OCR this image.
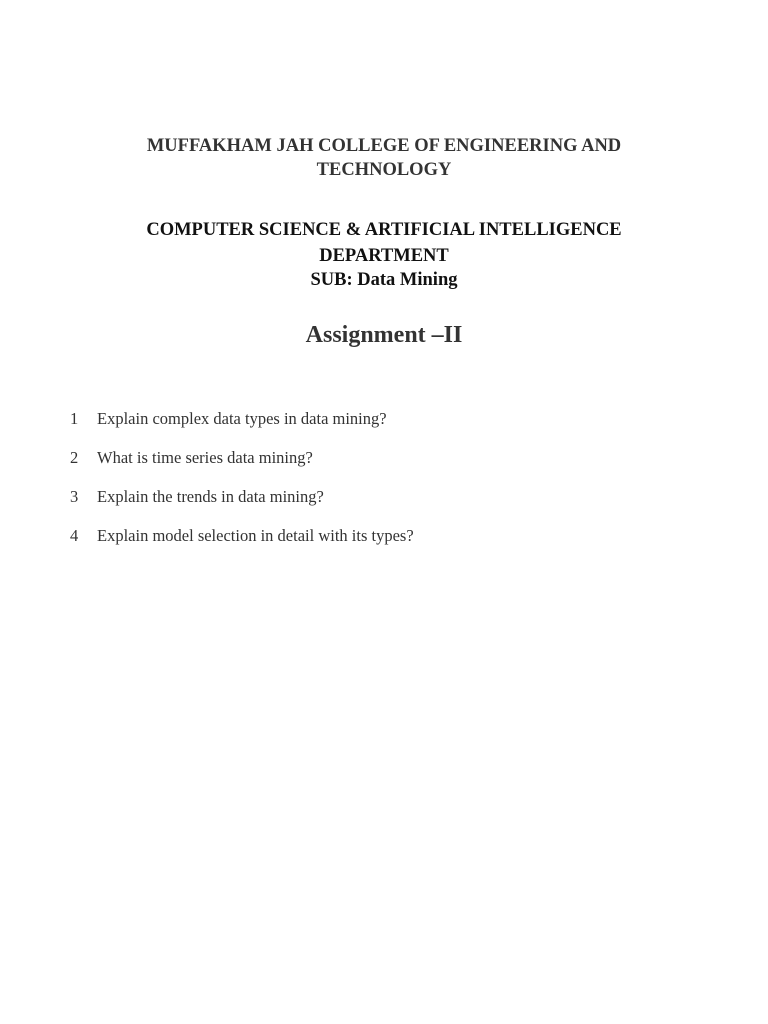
MUFFAKHAM JAH COLLEGE OF ENGINEERING AND
TECHNOLOGY
COMPUTER SCIENCE & ARTIFICIAL INTELLIGENCE
DEPARTMENT
SUB: Data Mining
Assignment –II
1	Explain complex data types in data mining?
2	What is time series data mining?
3	Explain the trends in data mining?
4	Explain model selection in detail with its types?
